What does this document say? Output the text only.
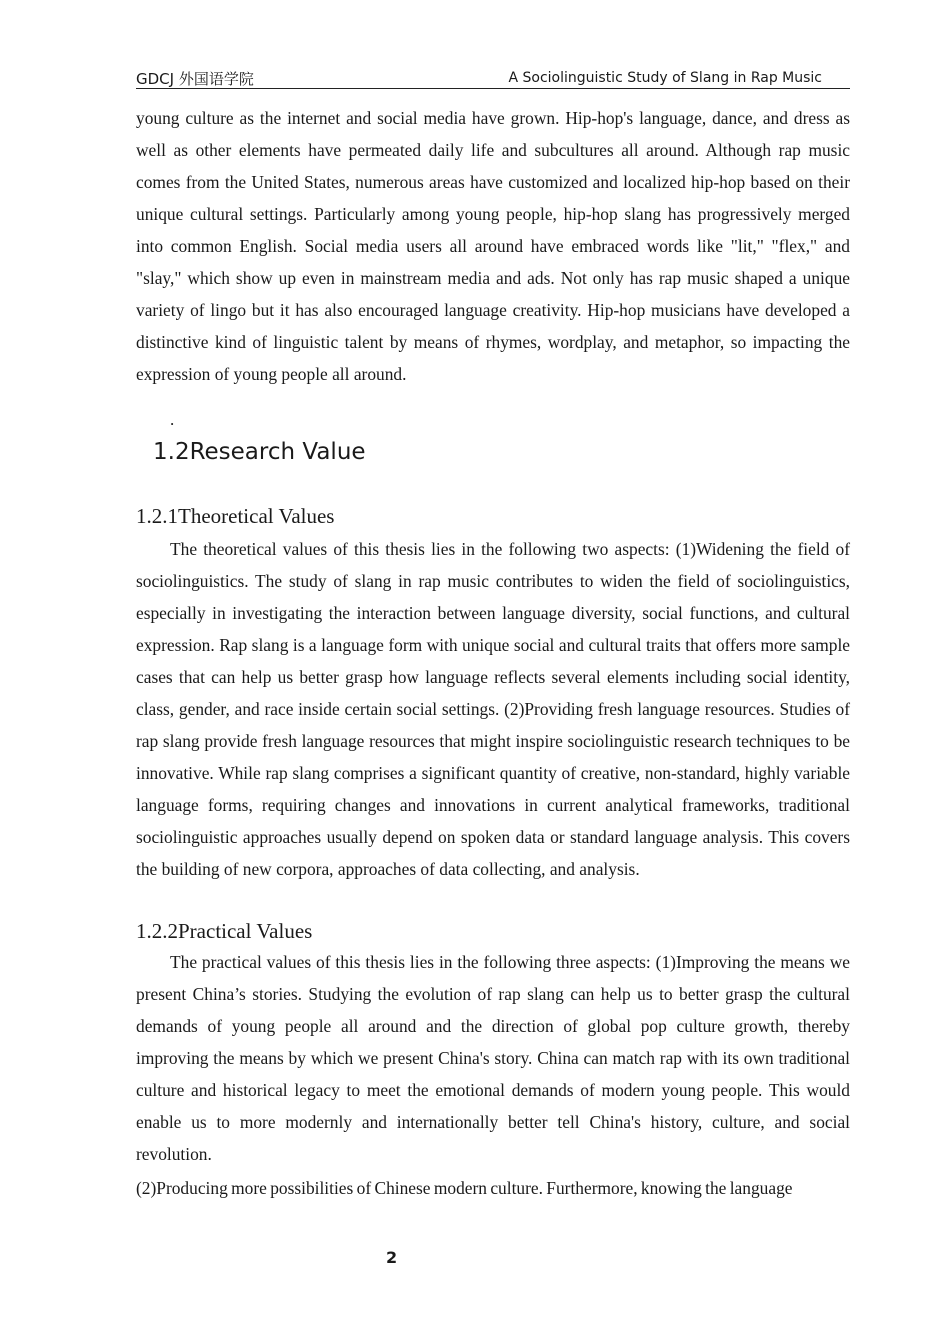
GDCJ 外国语学院	A Sociolinguistic Study of Slang in Rap Music

young culture as the internet and social media have grown. Hip-hop's language, dance, and dress as well as other elements have permeated daily life and subcultures all around. Although rap music comes from the United States, numerous areas have customized and localized hip-hop based on their unique cultural settings. Particularly among young people, hip-hop slang has progressively merged into common English. Social media users all around have embraced words like "lit," "flex," and "slay," which show up even in mainstream media and ads. Not only has rap music shaped a unique variety of lingo but it has also encouraged language creativity. Hip-hop musicians have developed a distinctive kind of linguistic talent by means of rhymes, wordplay, and metaphor, so impacting the expression of young people all around.

.
1.2Research Value
1.2.1Theoretical Values

The theoretical values of this thesis lies in the following two aspects: (1)Widening the field of sociolinguistics. The study of slang in rap music contributes to widen the field of sociolinguistics, especially in investigating the interaction between language diversity, social functions, and cultural expression. Rap slang is a language form with unique social and cultural traits that offers more sample cases that can help us better grasp how language reflects several elements including social identity, class, gender, and race inside certain social settings. (2)Providing fresh language resources. Studies of rap slang provide fresh language resources that might inspire sociolinguistic research techniques to be innovative. While rap slang comprises a significant quantity of creative, non-standard, highly variable language forms, requiring changes and innovations in current analytical frameworks, traditional sociolinguistic approaches usually depend on spoken data or standard language analysis. This covers the building of new corpora, approaches of data collecting, and analysis.

1.2.2Practical Values

The practical values of this thesis lies in the following three aspects: (1)Improving the means we present China’s stories. Studying the evolution of rap slang can help us to better grasp the cultural demands of young people all around and the direction of global pop culture growth, thereby improving the means by which we present China's story. China can match rap with its own traditional culture and historical legacy to meet the emotional demands of modern young people. This would enable us to more modernly and internationally better tell China's history, culture, and social revolution.

(2)Producing more possibilities of Chinese modern culture. Furthermore, knowing the language

2
